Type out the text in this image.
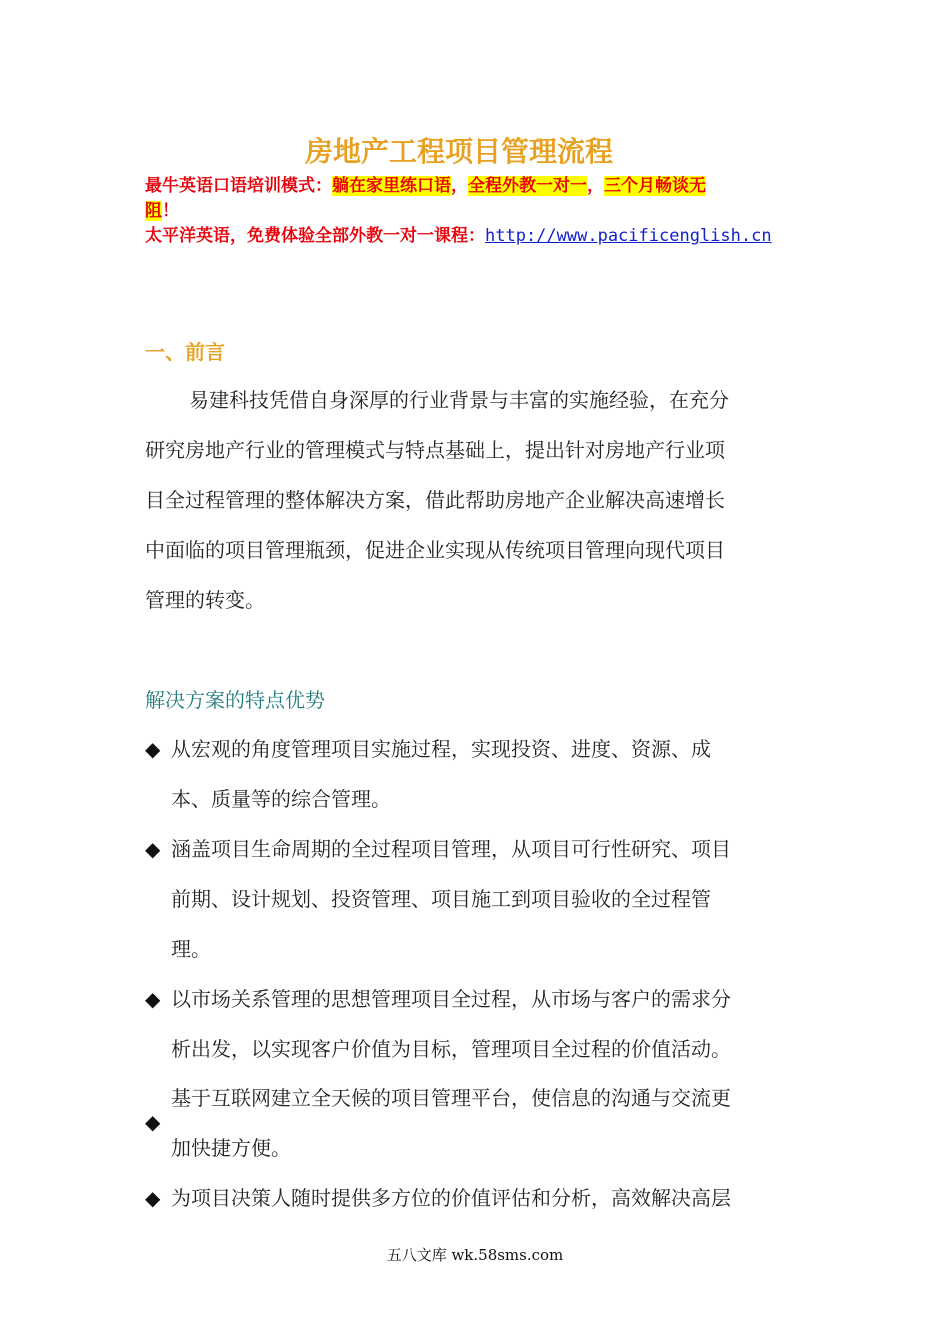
房地产工程项目管理流程
最牛英语口语培训模式：躺在家里练口语，全程外教一对一，三个月畅谈无
阻！
太平洋英语，免费体验全部外教一对一课程：http://www.pacificenglish.cn
一、前言
易建科技凭借自身深厚的行业背景与丰富的实施经验，在充分
研究房地产行业的管理模式与特点基础上，提出针对房地产行业项
目全过程管理的整体解决方案，借此帮助房地产企业解决高速增长
中面临的项目管理瓶颈，促进企业实现从传统项目管理向现代项目
管理的转变。
解决方案的特点优势
◆ 从宏观的角度管理项目实施过程，实现投资、进度、资源、成
本、质量等的综合管理。
◆ 涵盖项目生命周期的全过程项目管理，从项目可行性研究、项目
前期、设计规划、投资管理、项目施工到项目验收的全过程管
理。
◆ 以市场关系管理的思想管理项目全过程，从市场与客户的需求分
析出发，以实现客户价值为目标，管理项目全过程的价值活动。
◆
基于互联网建立全天候的项目管理平台，使信息的沟通与交流更
加快捷方便。
◆ 为项目决策人随时提供多方位的价值评估和分析，高效解决高层
五八文库 wk.58sms.com
